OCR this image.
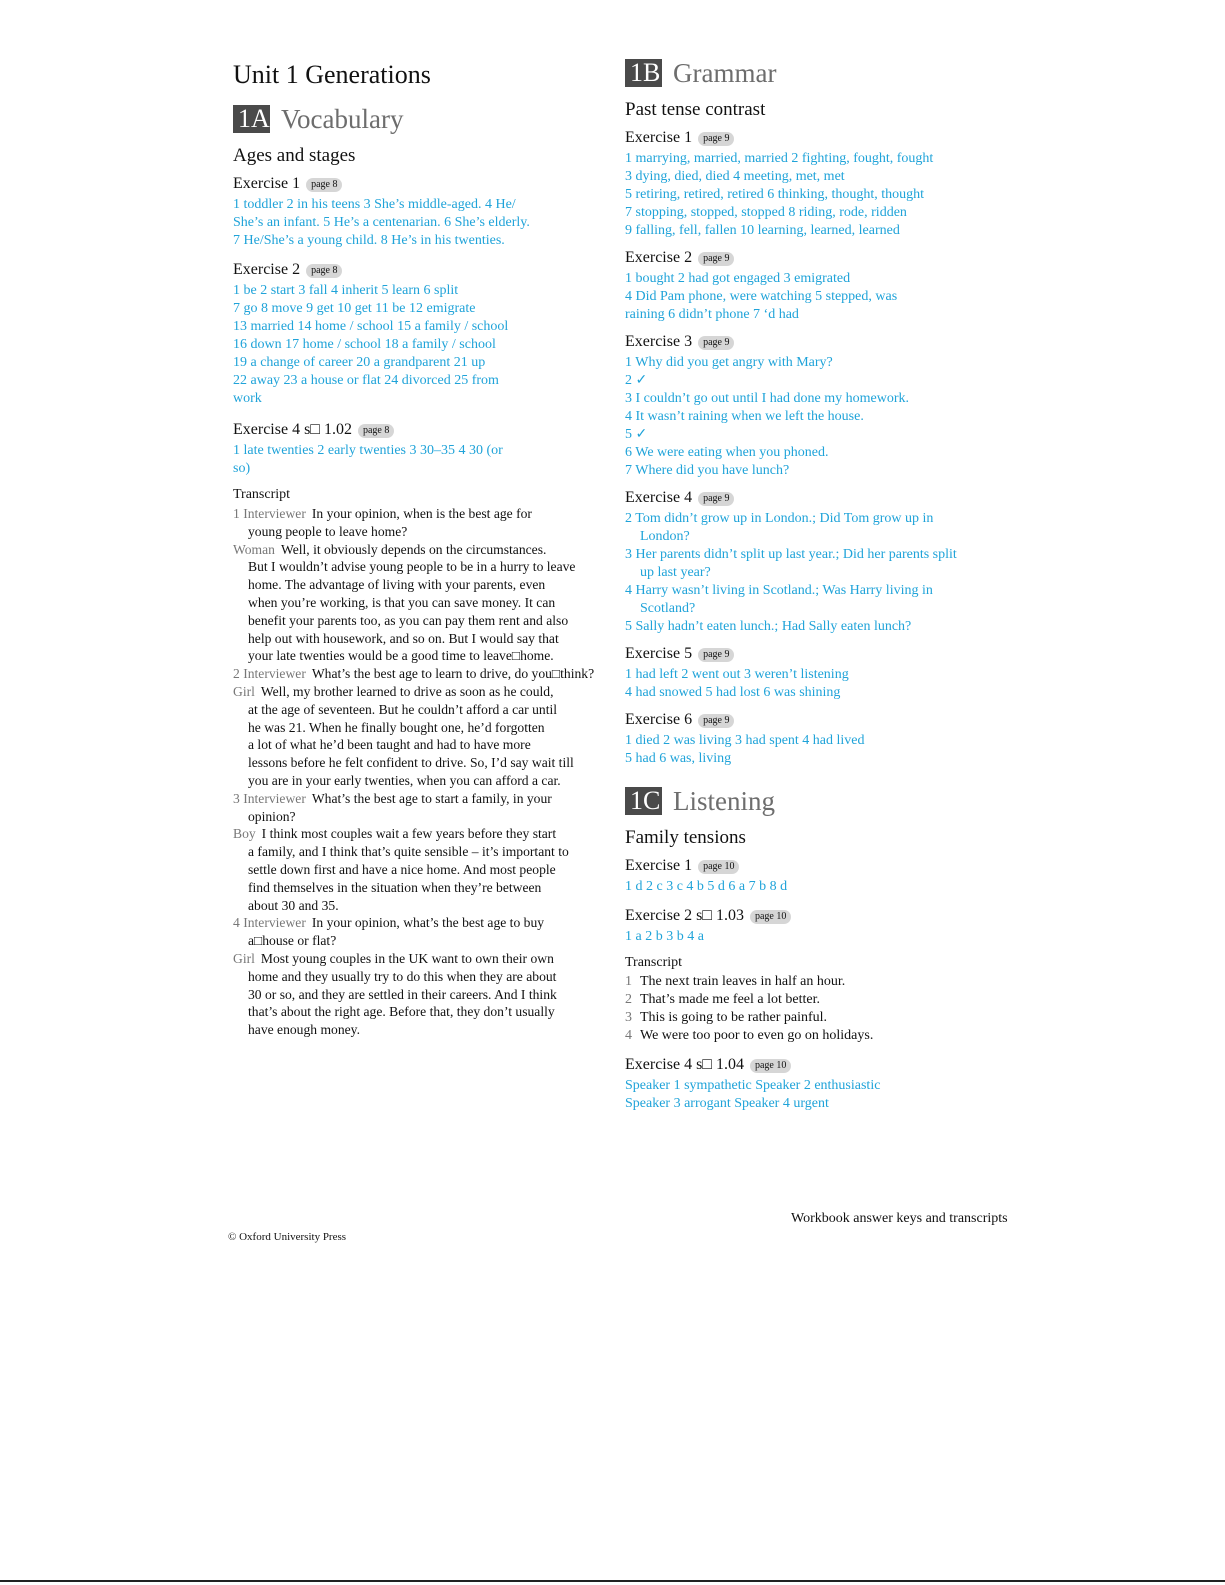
Unit 1 Generations
1A Vocabulary
Ages and stages
Exercise 1 page 8
1 toddler 2 in his teens 3 She’s middle-aged. 4 He/
She’s an infant. 5 He’s a centenarian. 6 She’s elderly.
7 He/She’s a young child. 8 He’s in his twenties.
Exercise 2 page 8
1 be 2 start 3 fall 4 inherit 5 learn 6 split
7 go 8 move 9 get 10 get 11 be 12 emigrate
13 married 14 home / school 15 a family / school
16 down 17 home / school 18 a family / school
19 a change of career 20 a grandparent 21 up
22 away 23 a house or flat 24 divorced 25 from
work
Exercise 4 s□ 1.02 page 8
1 late twenties 2 early twenties 3 30–35 4 30 (or
so)
Transcript
1 Interviewer In your opinion, when is the best age for
young people to leave home?
Woman Well, it obviously depends on the circumstances.
But I wouldn’t advise young people to be in a hurry to leave
home. The advantage of living with your parents, even
when you’re working, is that you can save money. It can
benefit your parents too, as you can pay them rent and also
help out with housework, and so on. But I would say that
your late twenties would be a good time to leave□home.
2 Interviewer What’s the best age to learn to drive, do you□think?
Girl Well, my brother learned to drive as soon as he could,
at the age of seventeen. But he couldn’t afford a car until
he was 21. When he finally bought one, he’d forgotten
a lot of what he’d been taught and had to have more
lessons before he felt confident to drive. So, I’d say wait till
you are in your early twenties, when you can afford a car.
3 Interviewer What’s the best age to start a family, in your
opinion?
Boy I think most couples wait a few years before they start
a family, and I think that’s quite sensible – it’s important to
settle down first and have a nice home. And most people
find themselves in the situation when they’re between
about 30 and 35.
4 Interviewer In your opinion, what’s the best age to buy
a□house or flat?
Girl Most young couples in the UK want to own their own
home and they usually try to do this when they are about
30 or so, and they are settled in their careers. And I think
that’s about the right age. Before that, they don’t usually
have enough money.
1B Grammar
Past tense contrast
Exercise 1 page 9
1 marrying, married, married 2 fighting, fought, fought
3 dying, died, died 4 meeting, met, met
5 retiring, retired, retired 6 thinking, thought, thought
7 stopping, stopped, stopped 8 riding, rode, ridden
9 falling, fell, fallen 10 learning, learned, learned
Exercise 2 page 9
1 bought 2 had got engaged 3 emigrated
4 Did Pam phone, were watching 5 stepped, was
raining 6 didn’t phone 7 ‘d had
Exercise 3 page 9
1 Why did you get angry with Mary?
2 ✓
3 I couldn’t go out until I had done my homework.
4 It wasn’t raining when we left the house.
5 ✓
6 We were eating when you phoned.
7 Where did you have lunch?
Exercise 4 page 9
2 Tom didn’t grow up in London.; Did Tom grow up in London?
3 Her parents didn’t split up last year.; Did her parents split up last year?
4 Harry wasn’t living in Scotland.; Was Harry living in Scotland?
5 Sally hadn’t eaten lunch.; Had Sally eaten lunch?
Exercise 5 page 9
1 had left 2 went out 3 weren’t listening
4 had snowed 5 had lost 6 was shining
Exercise 6 page 9
1 died 2 was living 3 had spent 4 had lived
5 had 6 was, living
1C Listening
Family tensions
Exercise 1 page 10
1 d 2 c 3 c 4 b 5 d 6 a 7 b 8 d
Exercise 2 s□ 1.03 page 10
1 a 2 b 3 b 4 a
Transcript
1 The next train leaves in half an hour.
2 That’s made me feel a lot better.
3 This is going to be rather painful.
4 We were too poor to even go on holidays.
Exercise 4 s□ 1.04 page 10
Speaker 1 sympathetic Speaker 2 enthusiastic
Speaker 3 arrogant Speaker 4 urgent
Workbook answer keys and transcripts
© Oxford University Press
